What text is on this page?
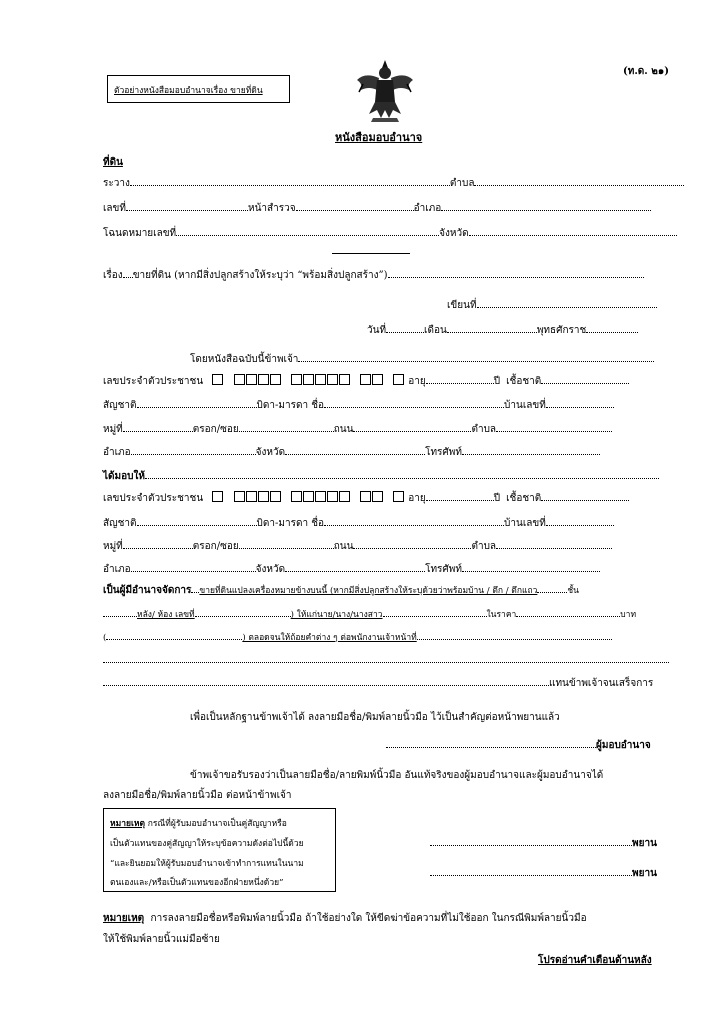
(ท.ด. ๒๑)
ตัวอย่างหนังสือมอบอำนาจเรื่อง ขายที่ดิน
หนังสือมอบอำนาจ
ที่ดิน
ระวาง	ตำบล
เลขที่	หน้าสำรวจ	อำเภอ
โฉนดหมายเลขที่	จังหวัด
เรื่อง ขายที่ดิน (หากมีสิ่งปลูกสร้างให้ระบุว่า “พร้อมสิ่งปลูกสร้าง”)
เขียนที่
วันที่	เดือน	พุทธศักราช
โดยหนังสือฉบับนี้ข้าพเจ้า
เลขประจำตัวประชาชน	อายุ	ปี เชื้อชาติ
สัญชาติ	บิดา-มารดา ชื่อ	บ้านเลขที่
หมู่ที่	ตรอก/ซอย	ถนน	ตำบล
อำเภอ	จังหวัด	โทรศัพท์
ได้มอบให้
เลขประจำตัวประชาชน	อายุ	ปี เชื้อชาติ
สัญชาติ	บิดา-มารดา ชื่อ	บ้านเลขที่
หมู่ที่	ตรอก/ซอย	ถนน	ตำบล
อำเภอ	จังหวัด	โทรศัพท์
เป็นผู้มีอำนาจจัดการ ขายที่ดินแปลงเครื่องหมายข้างบนนี้ (หากมีสิ่งปลูกสร้างให้ระบุด้วยว่าพร้อมบ้าน / ตึก / ตึกแถว	ชั้น
หลัง/ ห้อง เลขที่	) ให้แก่นาย/นาง/นางสาว	ในราคา	บาท
(	) ตลอดจนให้ถ้อยคำต่าง ๆ ต่อพนักงานเจ้าหน้าที่
แทนข้าพเจ้าจนเสร็จการ
เพื่อเป็นหลักฐานข้าพเจ้าได้ ลงลายมือชื่อ/พิมพ์ลายนิ้วมือ ไว้เป็นสำคัญต่อหน้าพยานแล้ว
ผู้มอบอำนาจ
ข้าพเจ้าขอรับรองว่าเป็นลายมือชื่อ/ลายพิมพ์นิ้วมือ อันแท้จริงของผู้มอบอำนาจและผู้มอบอำนาจได้
ลงลายมือชื่อ/พิมพ์ลายนิ้วมือ ต่อหน้าข้าพเจ้า
หมายเหตุ กรณีที่ผู้รับมอบอำนาจเป็นคู่สัญญาหรือ
เป็นตัวแทนของคู่สัญญาให้ระบุข้อความดังต่อไปนี้ด้วย
“และยินยอมให้ผู้รับมอบอำนาจเข้าทำการแทนในนาม
ตนเองและ/หรือเป็นตัวแทนของอีกฝ่ายหนึ่งด้วย”
พยาน
พยาน
หมายเหตุ การลงลายมือชื่อหรือพิมพ์ลายนิ้วมือ ถ้าใช้อย่างใด ให้ขีดฆ่าข้อความที่ไม่ใช้ออก ในกรณีพิมพ์ลายนิ้วมือ
ให้ใช้พิมพ์ลายนิ้วแม่มือซ้าย
โปรดอ่านคำเตือนด้านหลัง
